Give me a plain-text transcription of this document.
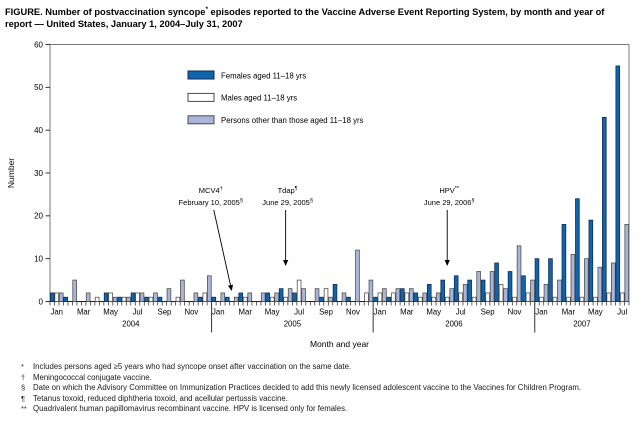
FIGURE. Number of postvaccination syncope* episodes reported to the Vaccine Adverse Event Reporting System, by month and year of report — United States, January 1, 2004–July 31, 2007
0
10
20
30
40
50
60
Number
Jan Mar May Jul Sep Nov
2004
Jan Mar May Jul Sep Nov
2005
Jan Mar May Jul Sep Nov
2006
Jan Mar May Jul
2007
Month and year
Females aged 11–18 yrs
Males aged 11–18 yrs
Persons other than those aged 11–18 yrs
MCV4†
February 10, 2005§
Tdap¶
June 29, 2005§
HPV**
June 29, 2006§
*	Includes persons aged ≥5 years who had syncope onset after vaccination on the same date.
†	Meningococcal conjugate vaccine.
§	Date on which the Advisory Committee on Immunization Practices decided to add this newly licensed adolescent vaccine to the Vaccines for Children Program.
¶	Tetanus toxoid, reduced diphtheria toxoid, and acellular pertussis vaccine.
** Quadrivalent human papillomavirus recombinant vaccine. HPV is licensed only for females.
